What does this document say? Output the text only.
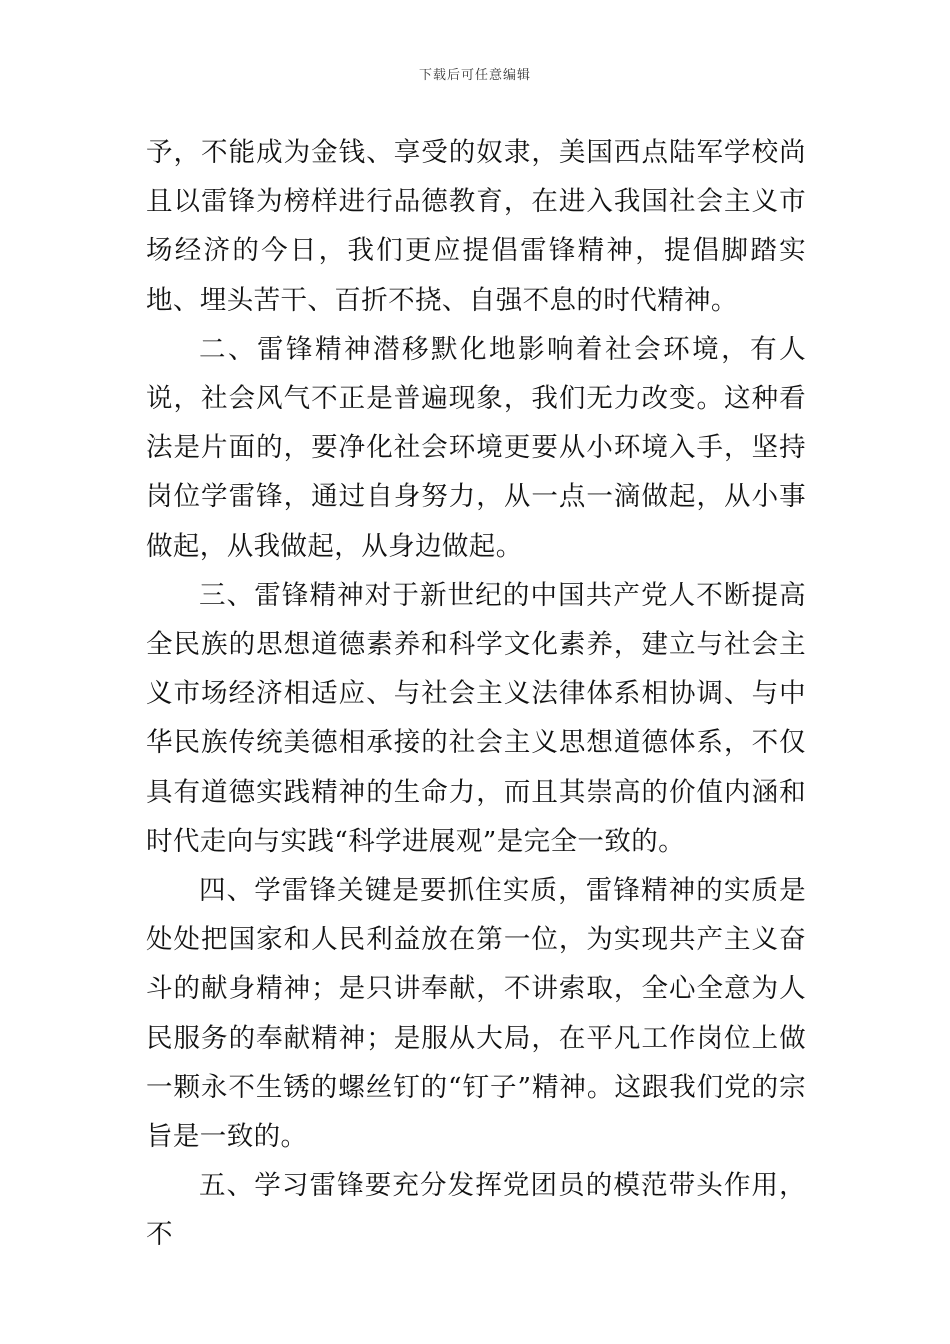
下载后可任意编辑

予，不能成为金钱、享受的奴隶，美国西点陆军学校尚且以雷锋为榜样进行品德教育，在进入我国社会主义市场经济的今日，我们更应提倡雷锋精神，提倡脚踏实地、埋头苦干、百折不挠、自强不息的时代精神。

二、雷锋精神潜移默化地影响着社会环境，有人说，社会风气不正是普遍现象，我们无力改变。这种看法是片面的，要净化社会环境更要从小环境入手，坚持岗位学雷锋，通过自身努力，从一点一滴做起，从小事做起，从我做起，从身边做起。

三、雷锋精神对于新世纪的中国共产党人不断提高全民族的思想道德素养和科学文化素养，建立与社会主义市场经济相适应、与社会主义法律体系相协调、与中华民族传统美德相承接的社会主义思想道德体系，不仅具有道德实践精神的生命力，而且其崇高的价值内涵和时代走向与实践“科学进展观”是完全一致的。

四、学雷锋关键是要抓住实质，雷锋精神的实质是处处把国家和人民利益放在第一位，为实现共产主义奋斗的献身精神；是只讲奉献，不讲索取，全心全意为人民服务的奉献精神；是服从大局，在平凡工作岗位上做一颗永不生锈的螺丝钉的“钉子”精神。这跟我们党的宗旨是一致的。

五、学习雷锋要充分发挥党团员的模范带头作用，不
